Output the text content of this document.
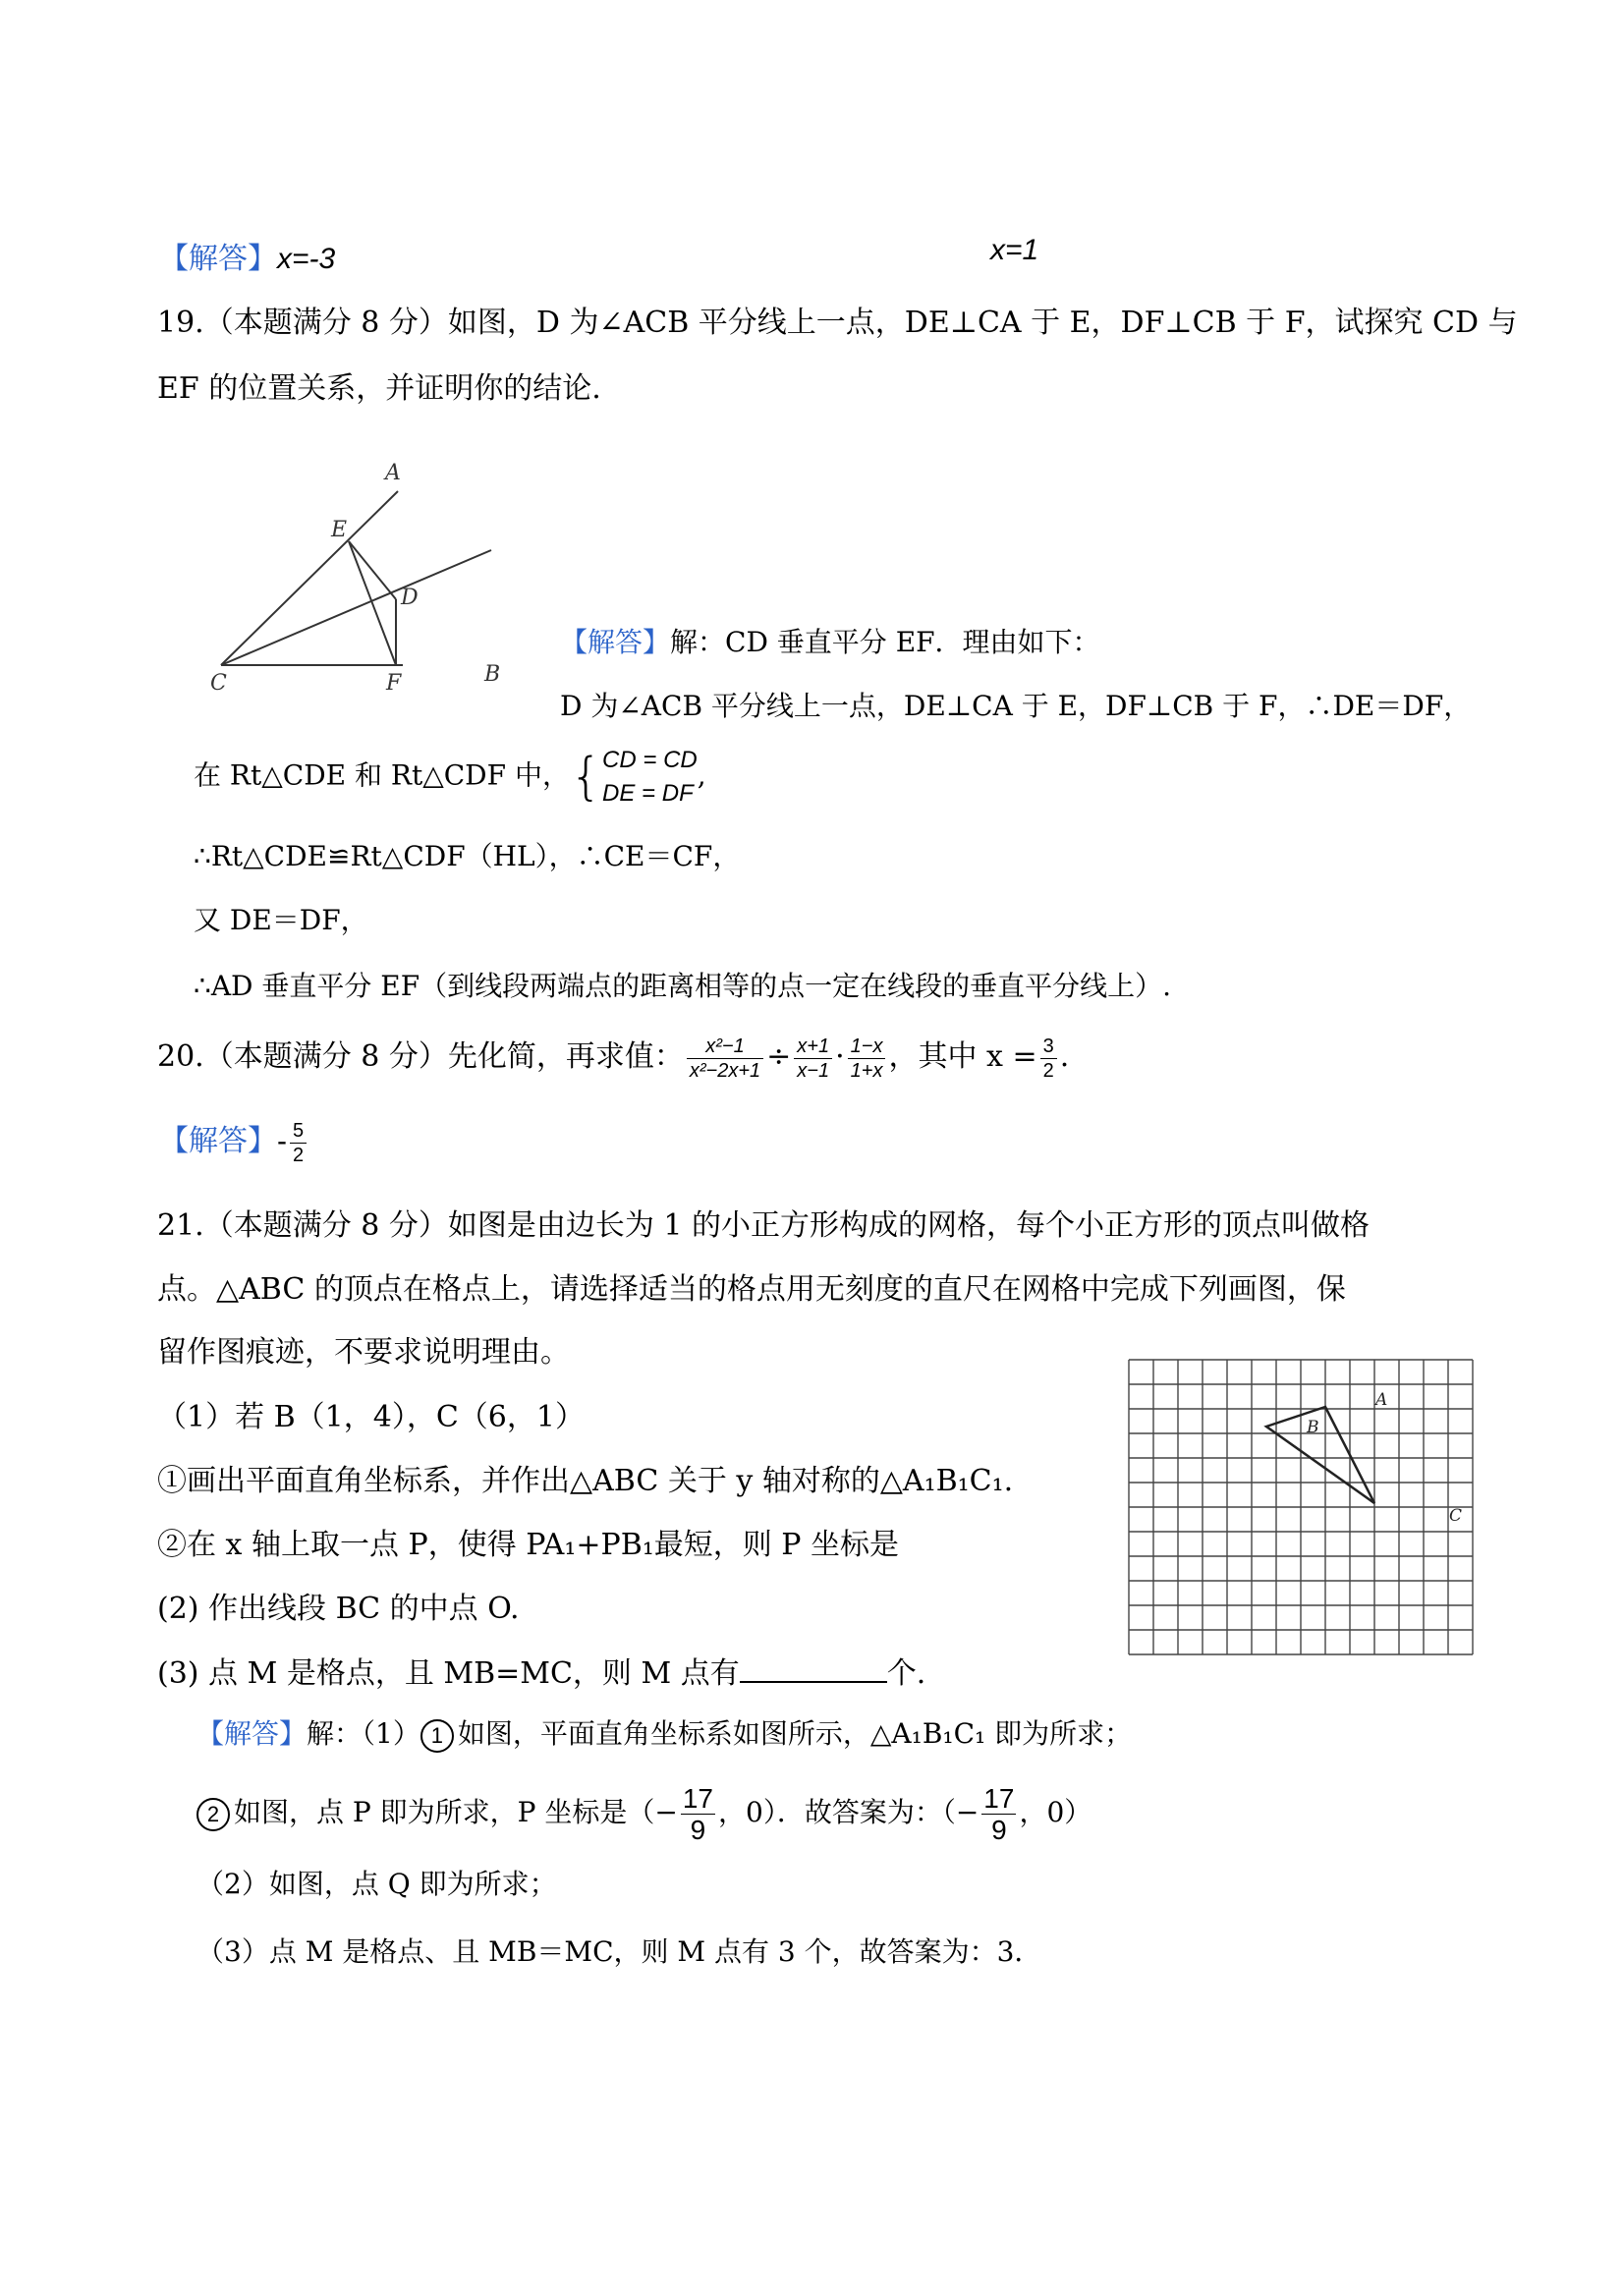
【解答】x=-3	x=1
19.（本题满分 8 分）如图，D 为∠ACB 平分线上一点，DE⊥CA 于 E，DF⊥CB 于 F，试探究 CD 与
EF 的位置关系，并证明你的结论.
A
E
D
C	F	B
【解答】解：CD 垂直平分 EF．理由如下：
D 为∠ACB 平分线上一点，DE⊥CA 于 E，DF⊥CB 于 F，∴DE＝DF，
在 Rt△CDE 和 Rt△CDF 中，{ CD = CD
DE = DF
,
∴Rt△CDE≌Rt△CDF（HL），∴CE＝CF，
又 DE＝DF，
∴AD 垂直平分 EF（到线段两端点的距离相等的点一定在线段的垂直平分线上）.
20.（本题满分 8 分）先化简，再求值： $\frac{\text{x²−1}}{\text{x²−2x+1}} \div \frac{x+1}{x-1} \cdot \frac{1-x}{1+x}$ ，其中 $x = \frac{3}{2}$ .
【解答】- $\frac{5}{2}$
21.（本题满分 8 分）如图是由边长为 1 的小正方形构成的网格，每个小正方形的顶点叫做格
点。△ABC 的顶点在格点上，请选择适当的格点用无刻度的直尺在网格中完成下列画图，保
留作图痕迹，不要求说明理由。
（1）若 B（1，4），C（6，1）
①画出平面直角坐标系，并作出△ABC 关于 y 轴对称的△A₁B₁C₁.
②在 x 轴上取一点 P，使得 PA₁+PB₁最短，则 P 坐标是
(2) 作出线段 BC 的中点 O.
(3) 点 M 是格点，且 MB=MC，则 M 点有	个.
A
B
C
【解答】解：（1） 1 如图，平面直角坐标系如图所示，△A₁B₁C₁ 即为所求；
2 如图，点 P 即为所求，P 坐标是（− $\frac{17}{9}$ ，0）．故答案为：（− $\frac{17}{9}$ ，0）
（2）如图，点 Q 即为所求；
（3）点 M 是格点、且 MB＝MC，则 M 点有 3 个，故答案为：3．
